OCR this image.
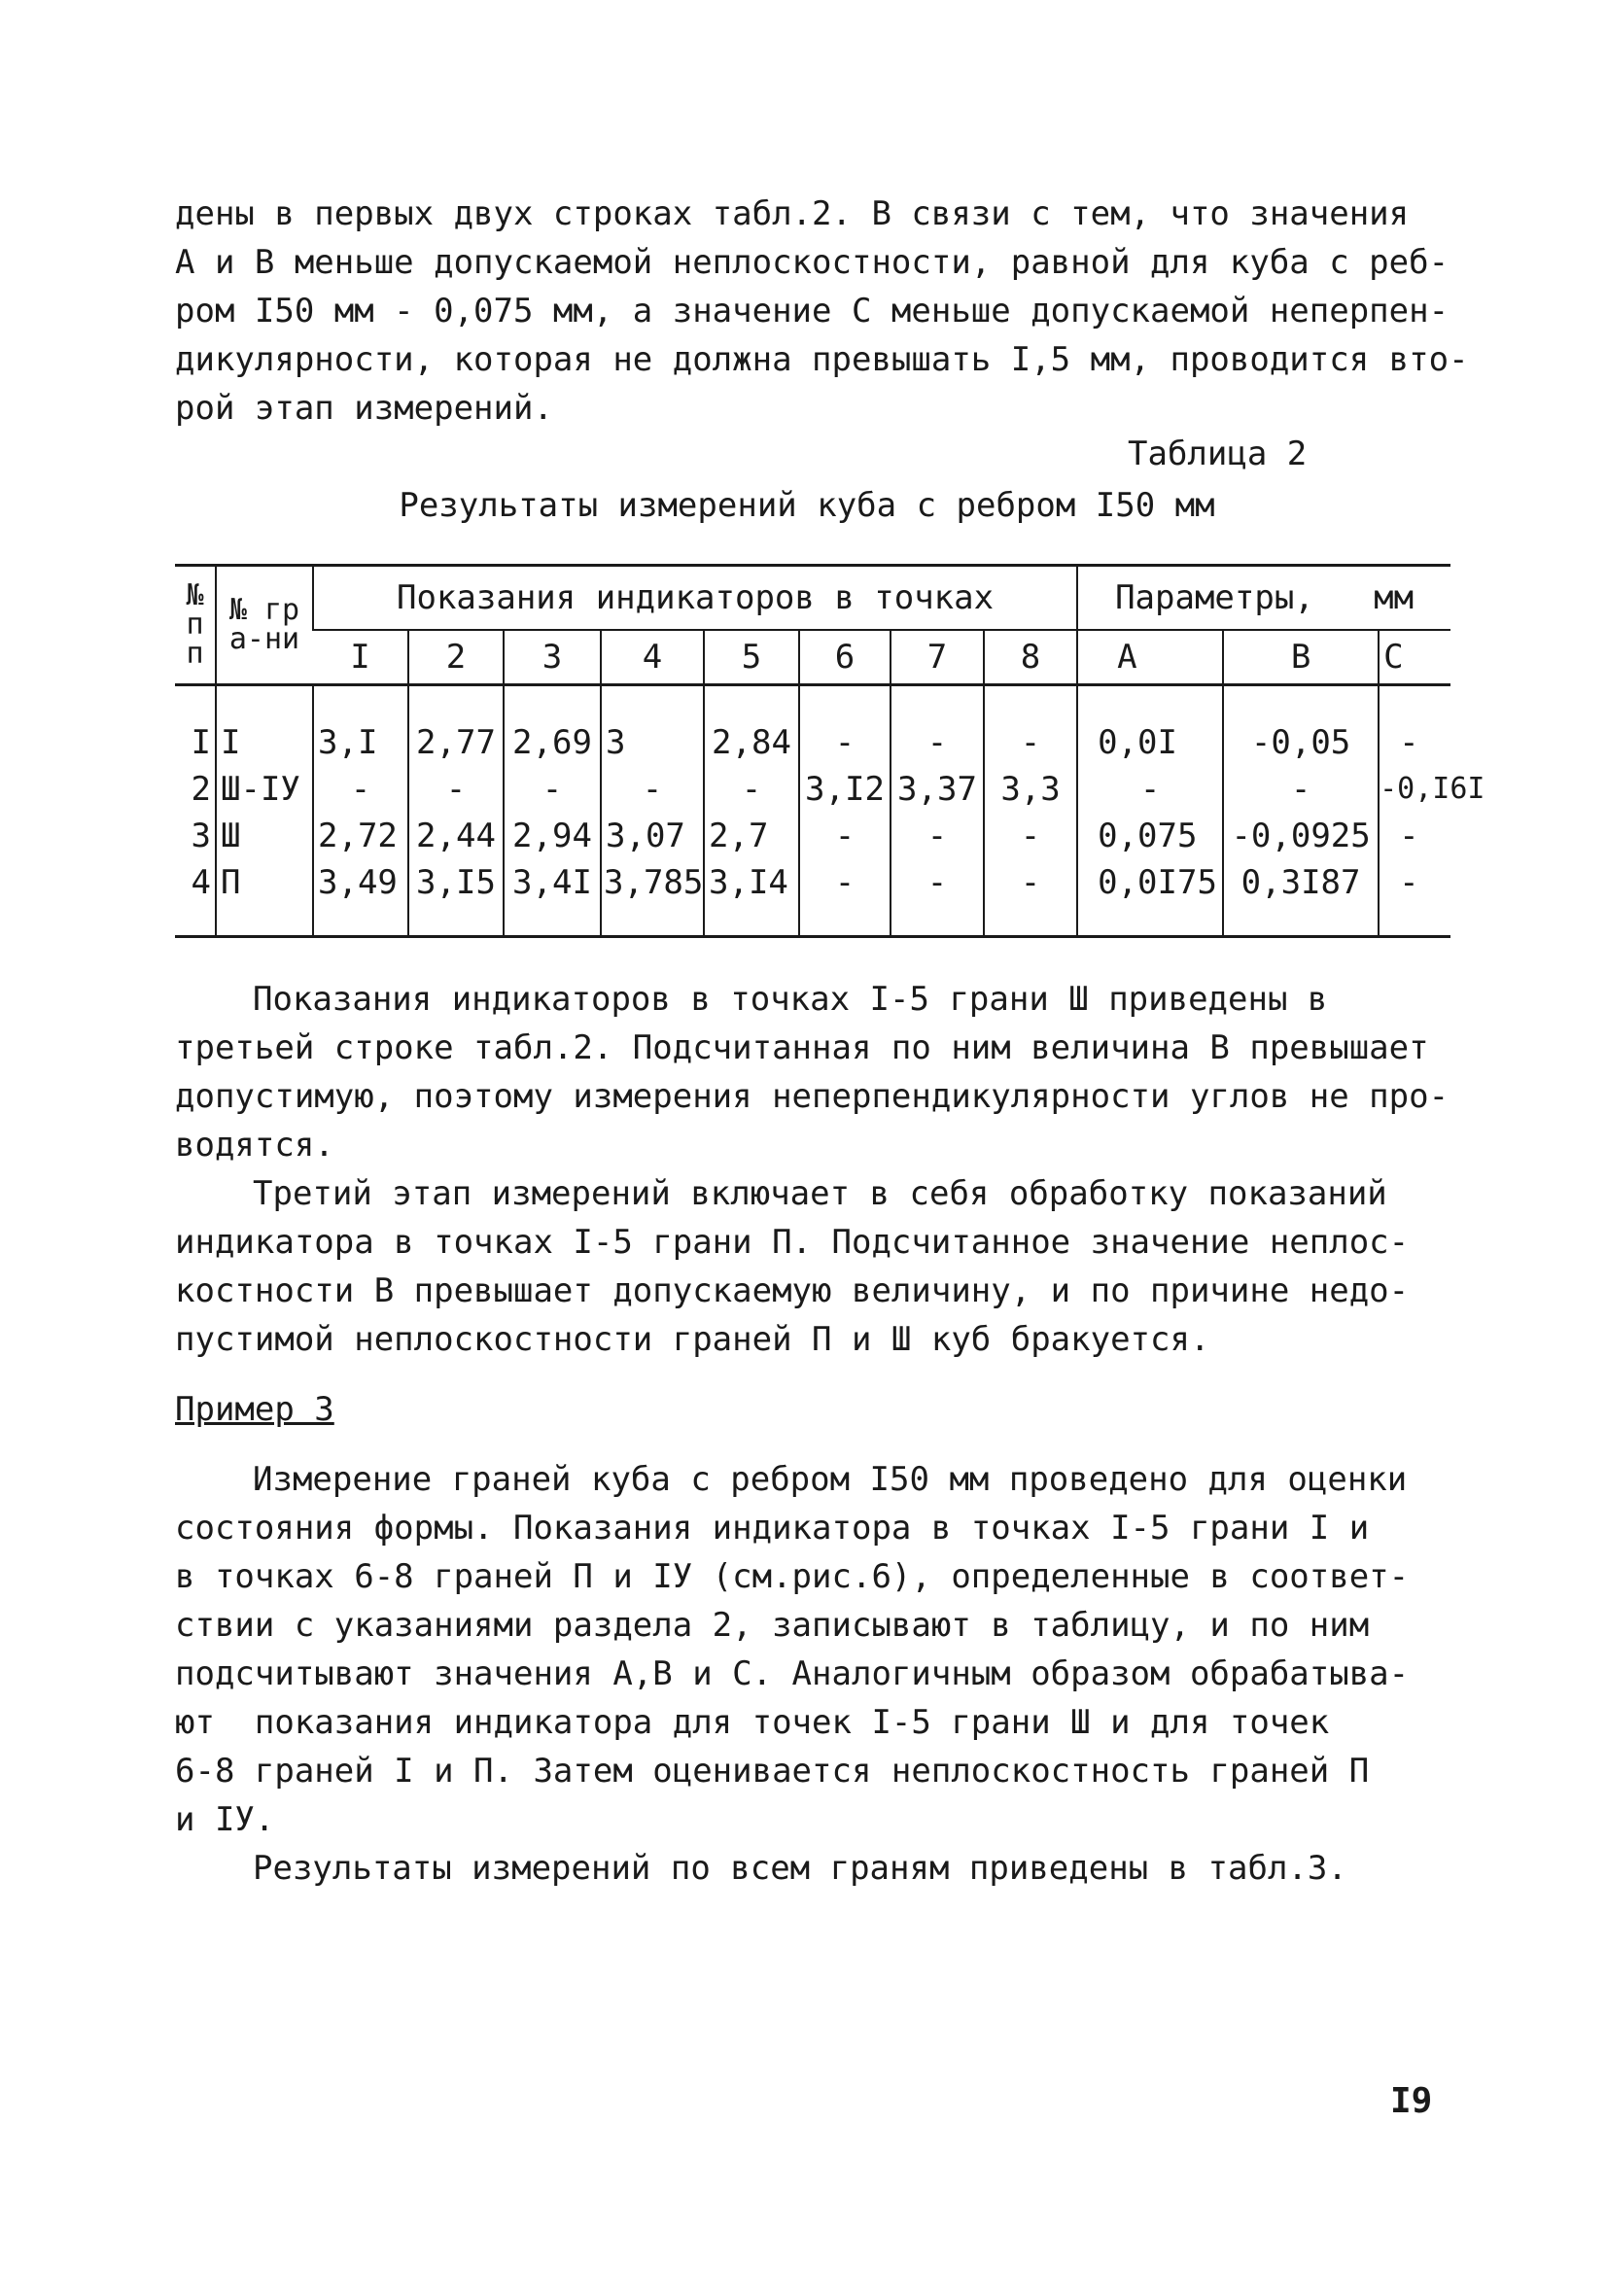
дены в первых двух строках табл.2. В связи с тем, что значения
А и В меньше допускаемой неплоскостности, равной для куба с реб-
ром I50 мм - 0,075 мм, а значение С меньше допускаемой неперпен-
дикулярности, которая не должна превышать I,5 мм, проводится вто-
рой этап измерений.
Таблица 2
Результаты измерений куба с ребром I50 мм
№ пп	№ гра-ни	Показания индикаторов в точках								Параметры,   мм		
		I	2	3	4	5	6	7	8	А	В	С
I	I	3,I	2,77	2,69	3	2,84	-	-	-	0,0I	-0,05	-
2	Ш-IУ	-	-	-	-	-	3,I2	3,37	3,3	-	-	-0,I6I
3	Ш	2,72	2,44	2,94	3,07	2,7	-	-	-	0,075	-0,0925	-
4	П	3,49	3,I5	3,4I	3,785	3,I4	-	-	-	0,0I75	0,3I87	-
Показания индикаторов в точках I-5 грани Ш приведены в
третьей строке табл.2. Подсчитанная по ним величина В превышает
допустимую, поэтому измерения неперпендикулярности углов не про-
водятся.
Третий этап измерений включает в себя обработку показаний
индикатора в точках I-5 грани П. Подсчитанное значение неплос-
костности В превышает допускаемую величину, и по причине недо-
пустимой неплоскостности граней П и Ш куб бракуется.
Пример 3
Измерение граней куба с ребром I50 мм проведено для оценки
состояния формы. Показания индикатора в точках I-5 грани I и
в точках 6-8 граней П и IУ (см.рис.6), определенные в соответ-
ствии с указаниями раздела 2, записывают в таблицу, и по ним
подсчитывают значения А,В и С. Аналогичным образом обрабатыва-
ют  показания индикатора для точек I-5 грани Ш и для точек
6-8 граней I и П. Затем оценивается неплоскостность граней П
и IУ.
Результаты измерений по всем граням приведены в табл.3.
I9
